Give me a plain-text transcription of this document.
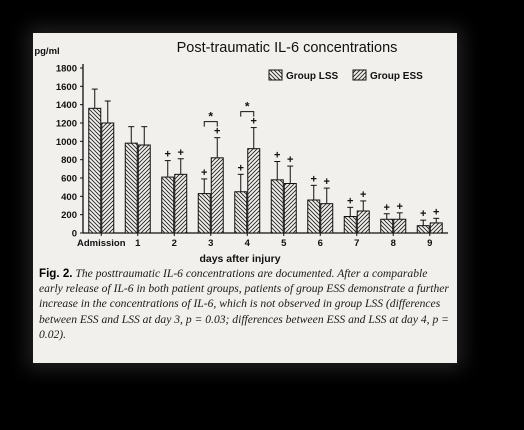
Post-traumatic IL-6 concentrations
pg/ml
days after injury
0
200
400
600
800
1000
1200
1400
1600
1800
Admission 1	2	3	4	5	6	7	8	9
+
+	+
+
+
+
+
+
+
+
+
+
+
+
+	+
*
*
Group LSS	Group ESS
Fig. 2. The posttraumatic IL-6 concentrations are documented. After a comparable early release of IL-6 in both patient groups, patients of group ESS demonstrate a further increase in the concentrations of IL-6, which is not observed in group LSS (differences between ESS and LSS at day 3, p = 0.03; differences between ESS and LSS at day 4, p = 0.02).
